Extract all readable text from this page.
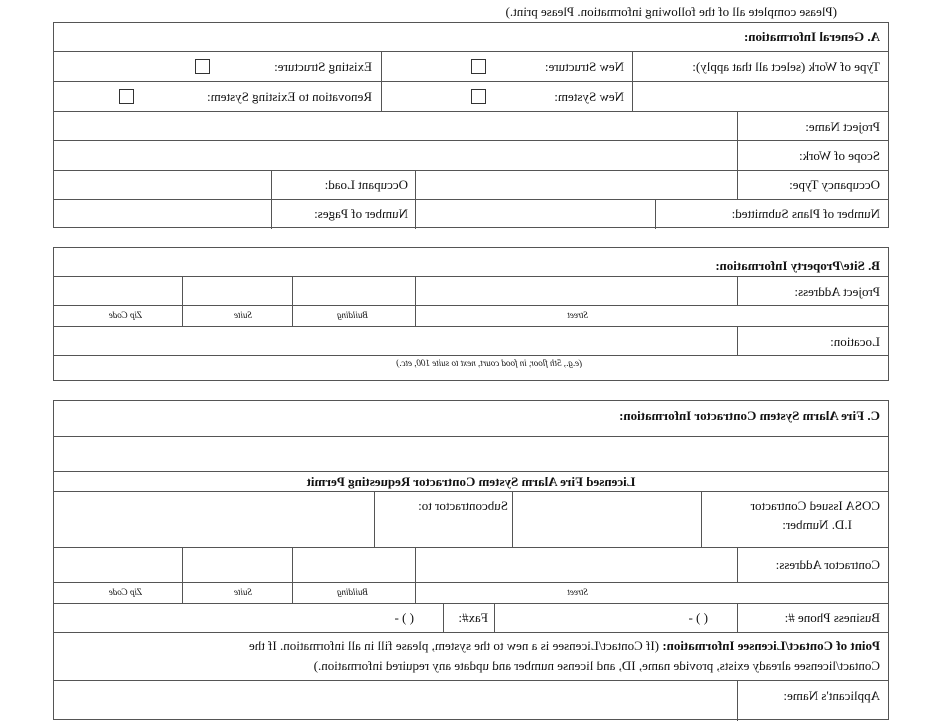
(Please complete all of the following information. Please print.)
A. General Information:
Type of Work (select all that apply):
New Structure:
Existing Structure:
New System:
Renovation to Existing System:
Project Name:
Scope of Work:
Occupancy Type:
Occupant Load:
Number of Plans Submitted:
Number of Pages:
B. Site/Property Information:
Project Address:
Street
Building
Suite
Zip Code
Location:
(e.g., 5th floor, in food court, next to suite 100, etc.)
C. Fire Alarm System Contractor Information:
Licensed Fire Alarm System Contractor Requesting Permit
COSA Issued Contractor
I.D. Number:
Subcontractor to:
Contractor Address:
Street
Building
Suite
Zip Code
Business Phone #:
( ) -
Fax#:
( ) -
Point of Contact/Licensee Information: (If Contact/Licensee is a new to the system, please fill in all information. If the
Contact/licensee already exists, provide name, ID, and license number and update any required information.)
Applicant's Name:
